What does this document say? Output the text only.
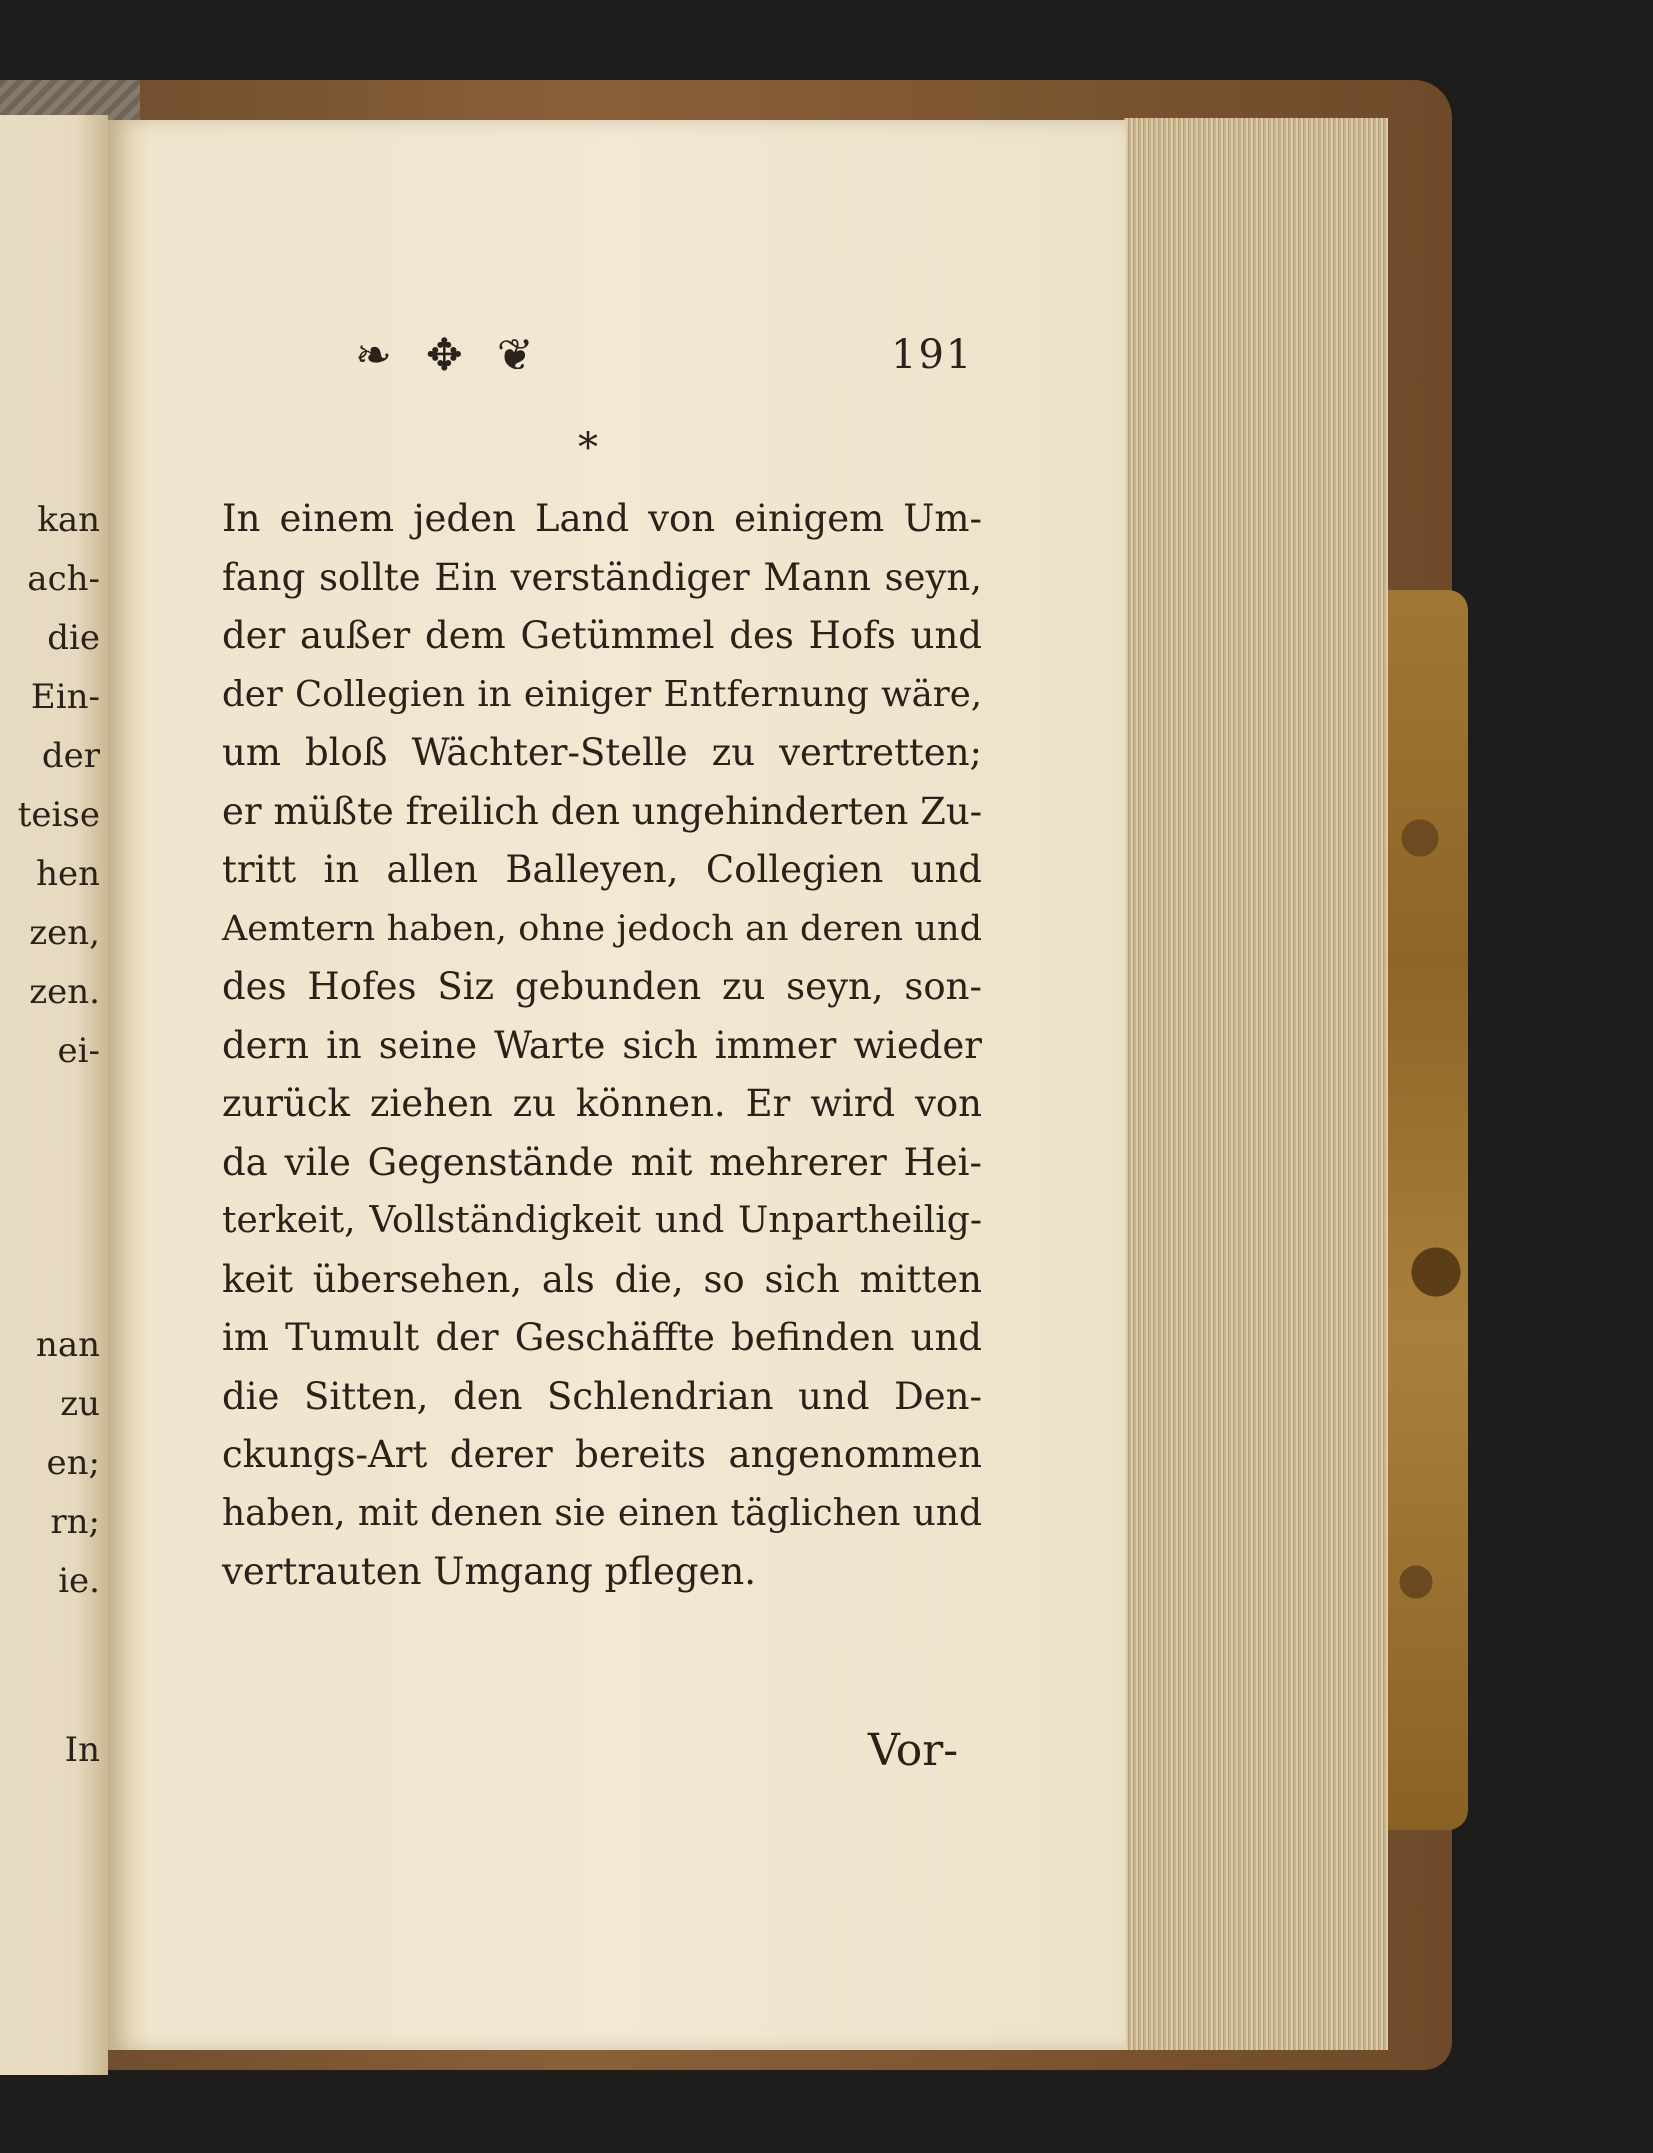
kan
ach-
die
Ein-
der
teise
hen
zen,
zen.
ei-
nan
zu
en;
rn;
ie.
In
❧ ✥ ❦	191
*
In einem jeden Land von einigem Um-
fang sollte Ein verständiger Mann seyn,
der außer dem Getümmel des Hofs und
der Collegien in einiger Entfernung wäre,
um bloß Wächter-Stelle zu vertretten;
er müßte freilich den ungehinderten Zu-
tritt in allen Balleyen, Collegien und
Aemtern haben, ohne jedoch an deren und
des Hofes Siz gebunden zu seyn, son-
dern in seine Warte sich immer wieder
zurück ziehen zu können. Er wird von
da vile Gegenstände mit mehrerer Hei-
terkeit, Vollständigkeit und Unpartheilig-
keit übersehen, als die, so sich mitten
im Tumult der Geschäffte befinden und
die Sitten, den Schlendrian und Den-
ckungs-Art derer bereits angenommen
haben, mit denen sie einen täglichen und
vertrauten Umgang pflegen.
Vor-
